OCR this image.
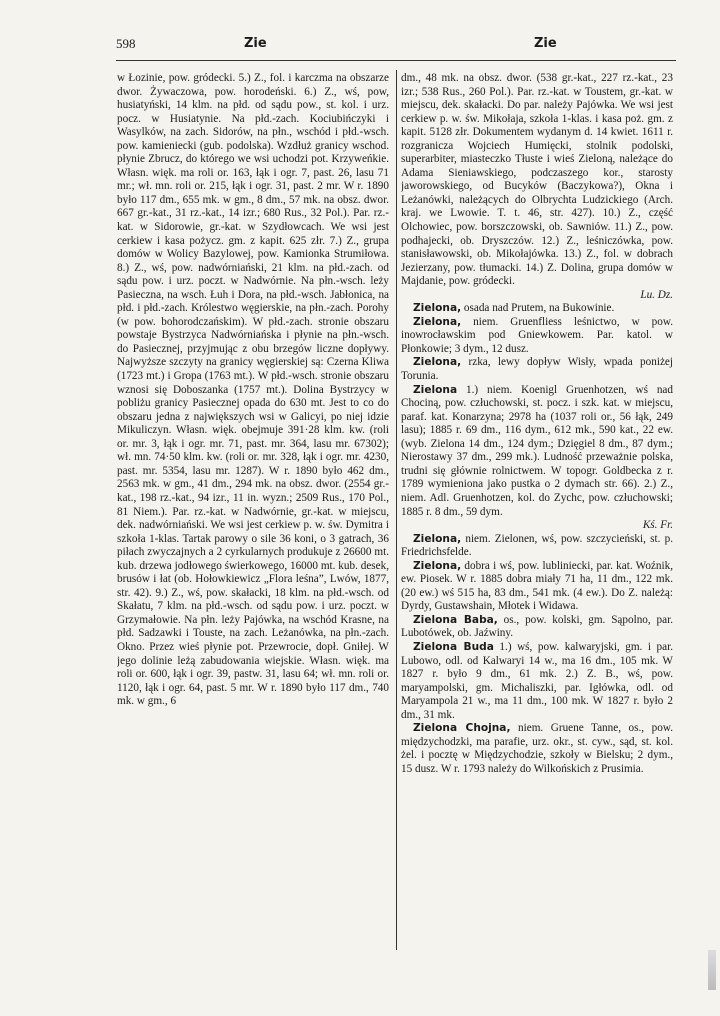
598	Zie	Zie

w Łozinie, pow. gródecki. 5.) Z., fol. i karczma na obszarze dwor. Żywaczowa, pow. horodeński. 6.) Z., wś, pow, husiatyński, 14 klm. na płd. od sądu pow., st. kol. i urz. pocz. w Husiatynie. Na płd.-zach. Kociubińczyki i Wasylków, na zach. Sidorów, na płn., wschód i płd.-wsch. pow. kamieniecki (gub. podolska). Wzdłuż granicy wschod. płynie Zbrucz, do którego we wsi uchodzi pot. Krzyweńkie. Własn. więk. ma roli or. 163, łąk i ogr. 7, past. 26, lasu 71 mr.; wł. mn. roli or. 215, łąk i ogr. 31, past. 2 mr. W r. 1890 było 117 dm., 655 mk. w gm., 8 dm., 57 mk. na obsz. dwor. 667 gr.-kat., 31 rz.-kat., 14 izr.; 680 Rus., 32 Pol.). Par. rz.-kat. w Sidorowie, gr.-kat. w Szydłowcach. We wsi jest cerkiew i kasa pożycz. gm. z kapit. 625 złr. 7.) Z., grupa domów w Wolicy Bazylowej, pow. Kamionka Strumiłowa. 8.) Z., wś, pow. nadwórniański, 21 klm. na płd.-zach. od sądu pow. i urz. poczt. w Nadwórnie. Na płn.-wsch. leży Pasieczna, na wsch. Łuh i Dora, na płd.-wsch. Jabłonica, na płd. i płd.-zach. Królestwo węgierskie, na płn.-zach. Porohy (w pow. bohorodczańskim). W płd.-zach. stronie obszaru powstaje Bystrzyca Nadwórniańska i płynie na płn.-wsch. do Pasiecznej, przyjmując z obu brzegów liczne dopływy. Najwyższe szczyty na granicy węgierskiej są: Czerna Kliwa (1723 mt.) i Gropa (1763 mt.). W płd.-wsch. stronie obszaru wznosi się Doboszanka (1757 mt.). Dolina Bystrzycy w pobliżu granicy Pasiecznej opada do 630 mt. Jest to co do obszaru jedna z największych wsi w Galicyi, po niej idzie Mikuliczyn. Własn. więk. obejmuje 391·28 klm. kw. (roli or. mr. 3, łąk i ogr. mr. 71, past. mr. 364, lasu mr. 67302); wł. mn. 74·50 klm. kw. (roli or. mr. 328, łąk i ogr. mr. 4230, past. mr. 5354, lasu mr. 1287). W r. 1890 było 462 dm., 2563 mk. w gm., 41 dm., 294 mk. na obsz. dwor. (2554 gr.-kat., 198 rz.-kat., 94 izr., 11 in. wyzn.; 2509 Rus., 170 Pol., 81 Niem.). Par. rz.-kat. w Nadwórnie, gr.-kat. w miejscu, dek. nadwórniański. We wsi jest cerkiew p. w. św. Dymitra i szkoła 1-klas. Tartak parowy o sile 36 koni, o 3 gatrach, 36 piłach zwyczajnych a 2 cyrkularnych produkuje z 26600 mt. kub. drzewa jodłowego świerkowego, 16000 mt. kub. desek, brusów i łat (ob. Hołowkiewicz „Flora leśna”, Lwów, 1877, str. 42). 9.) Z., wś, pow. skałacki, 18 klm. na płd.-wsch. od Skałatu, 7 klm. na płd.-wsch. od sądu pow. i urz. poczt. w Grzymałowie. Na płn. leży Pajówka, na wschód Krasne, na płd. Sadzawki i Touste, na zach. Leżanówka, na płn.-zach. Okno. Przez wieś płynie pot. Przewrocie, dopł. Gniłej. W jego dolinie leżą zabudowania wiejskie. Własn. więk. ma roli or. 600, łąk i ogr. 39, pastw. 31, lasu 64; wł. mn. roli or. 1120, łąk i ogr. 64, past. 5 mr. W r. 1890 było 117 dm., 740 mk. w gm., 6

dm., 48 mk. na obsz. dwor. (538 gr.-kat., 227 rz.-kat., 23 izr.; 538 Rus., 260 Pol.). Par. rz.-kat. w Toustem, gr.-kat. w miejscu, dek. skałacki. Do par. należy Pajówka. We wsi jest cerkiew p. w. św. Mikołaja, szkoła 1-klas. i kasa poż. gm. z kapit. 5128 złr. Dokumentem wydanym d. 14 kwiet. 1611 r. rozgranicza Wojciech Humięcki, stolnik podolski, superarbiter, miasteczko Tłuste i wieś Zieloną, należące do Adama Sieniawskiego, podczaszego kor., starosty jaworowskiego, od Bucyków (Baczykowa?), Okna i Leżanówki, należących do Olbrychta Ludzickiego (Arch. kraj. we Lwowie. T. t. 46, str. 427). 10.) Z., część Olchowiec, pow. borszczowski, ob. Sawniów. 11.) Z., pow. podhajecki, ob. Dryszczów. 12.) Z., leśniczówka, pow. stanisławowski, ob. Mikołajówka. 13.) Z., fol. w dobrach Jezierzany, pow. tłumacki. 14.) Z. Dolina, grupa domów w Majdanie, pow. gródecki.
Lu. Dz.

Zielona, osada nad Prutem, na Bukowinie.

Zielona, niem. Gruenfliess leśnictwo, w pow. inowrocławskim pod Gniewkowem. Par. katol. w Płonkowie; 3 dym., 12 dusz.

Zielona, rzka, lewy dopływ Wisły, wpada poniżej Torunia.

Zielona 1.) niem. Koenigl Gruenhotzen, wś nad Chociną, pow. człuchowski, st. pocz. i szk. kat. w miejscu, paraf. kat. Konarzyna; 2978 ha (1037 roli or., 56 łąk, 249 lasu); 1885 r. 69 dm., 116 dym., 612 mk., 590 kat., 22 ew. (wyb. Zielona 14 dm., 124 dym.; Dzięgiel 8 dm., 87 dym.; Nierostawy 37 dm., 299 mk.). Ludność przeważnie polska, trudni się głównie rolnictwem. W topogr. Goldbecka z r. 1789 wymieniona jako pustka o 2 dymach str. 66). 2.) Z., niem. Adl. Gruenhotzen, kol. do Zychc, pow. człuchowski; 1885 r. 8 dm., 59 dym.
Kś. Fr.

Zielona, niem. Zielonen, wś, pow. szczycieński, st. p. Friedrichsfelde.

Zielona, dobra i wś, pow. lubliniecki, par. kat. Woźnik, ew. Piosek. W r. 1885 dobra miały 71 ha, 11 dm., 122 mk. (20 ew.) wś 515 ha, 83 dm., 541 mk. (4 ew.). Do Z. należą: Dyrdy, Gustawshain, Młotek i Widawa.

Zielona Baba, os., pow. kolski, gm. Sąpolno, par. Lubotówek, ob. Jaźwiny.

Zielona Buda 1.) wś, pow. kalwaryjski, gm. i par. Lubowo, odl. od Kalwaryi 14 w., ma 16 dm., 105 mk. W 1827 r. było 9 dm., 61 mk. 2.) Z. B., wś, pow. maryampolski, gm. Michaliszki, par. Igłówka, odl. od Maryampola 21 w., ma 11 dm., 100 mk. W 1827 r. było 2 dm., 31 mk.

Zielona Chojna, niem. Gruene Tanne, os., pow. międzychodzki, ma parafie, urz. okr., st. cyw., sąd, st. kol. żel. i pocztę w Międzychodzie, szkoły w Bielsku; 2 dym., 15 dusz. W r. 1793 należy do Wilkońskich z Prusimia.
